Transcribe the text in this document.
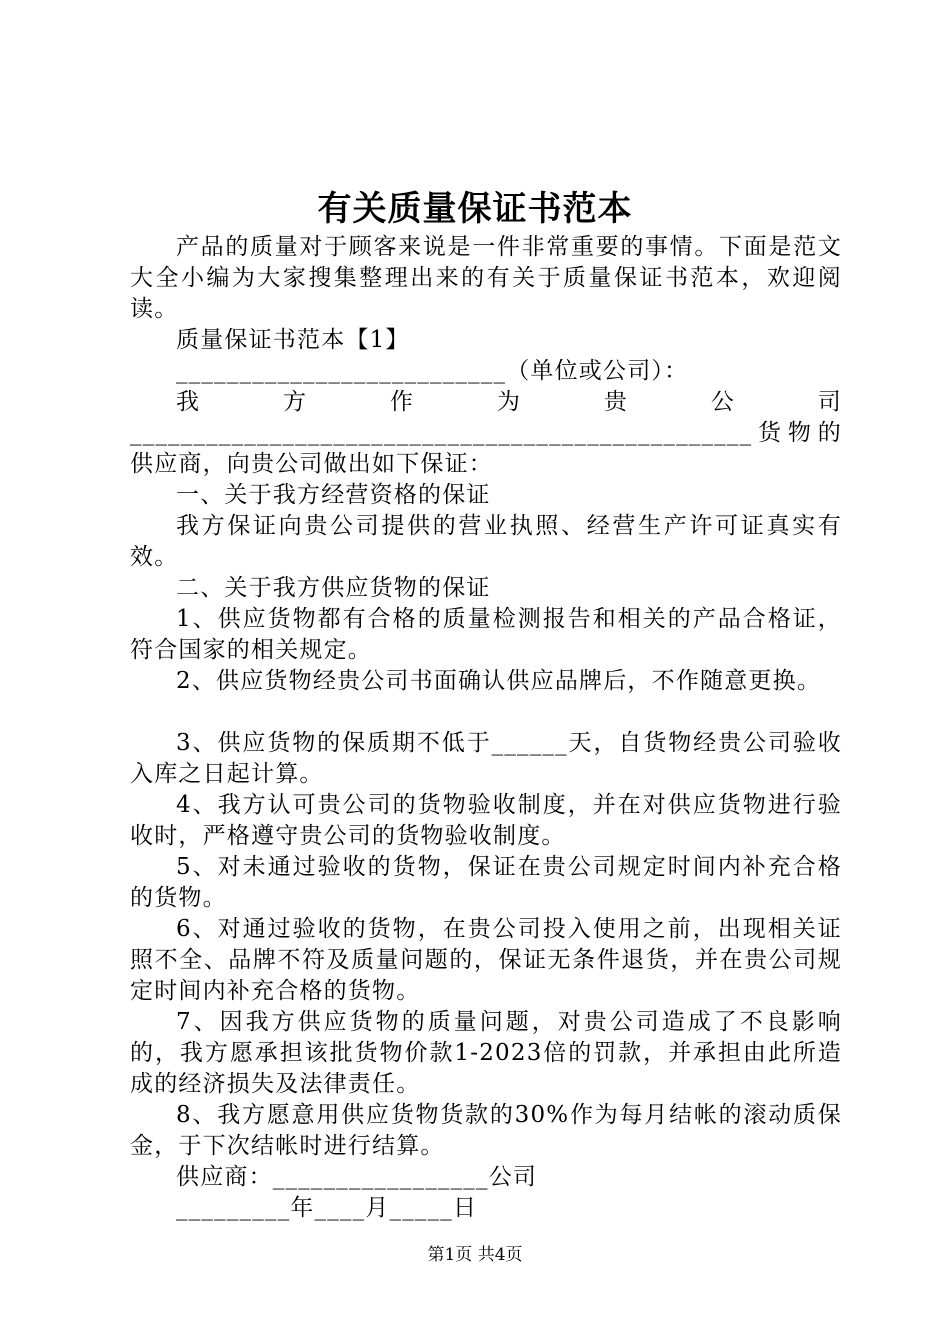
有关质量保证书范本

产品的质量对于顾客来说是一件非常重要的事情。下面是范文大全小编为大家搜集整理出来的有关于质量保证书范本，欢迎阅读。

质量保证书范本【1】

__________________________（单位或公司）：

我方作为贵公司_________________________________________________货物的供应商，向贵公司做出如下保证：

一、关于我方经营资格的保证

我方保证向贵公司提供的营业执照、经营生产许可证真实有效。

二、关于我方供应货物的保证

1、供应货物都有合格的质量检测报告和相关的产品合格证，符合国家的相关规定。

2、供应货物经贵公司书面确认供应品牌后，不作随意更换。

3、供应货物的保质期不低于______天，自货物经贵公司验收入库之日起计算。

4、我方认可贵公司的货物验收制度，并在对供应货物进行验收时，严格遵守贵公司的货物验收制度。

5、对未通过验收的货物，保证在贵公司规定时间内补充合格的货物。

6、对通过验收的货物，在贵公司投入使用之前，出现相关证照不全、品牌不符及质量问题的，保证无条件退货，并在贵公司规定时间内补充合格的货物。

7、因我方供应货物的质量问题，对贵公司造成了不良影响的，我方愿承担该批货物价款1-2023倍的罚款，并承担由此所造成的经济损失及法律责任。

8、我方愿意用供应货物货款的30%作为每月结帐的滚动质保金，于下次结帐时进行结算。

供应商：_________________公司

_________年____月_____日

第1页 共4页
